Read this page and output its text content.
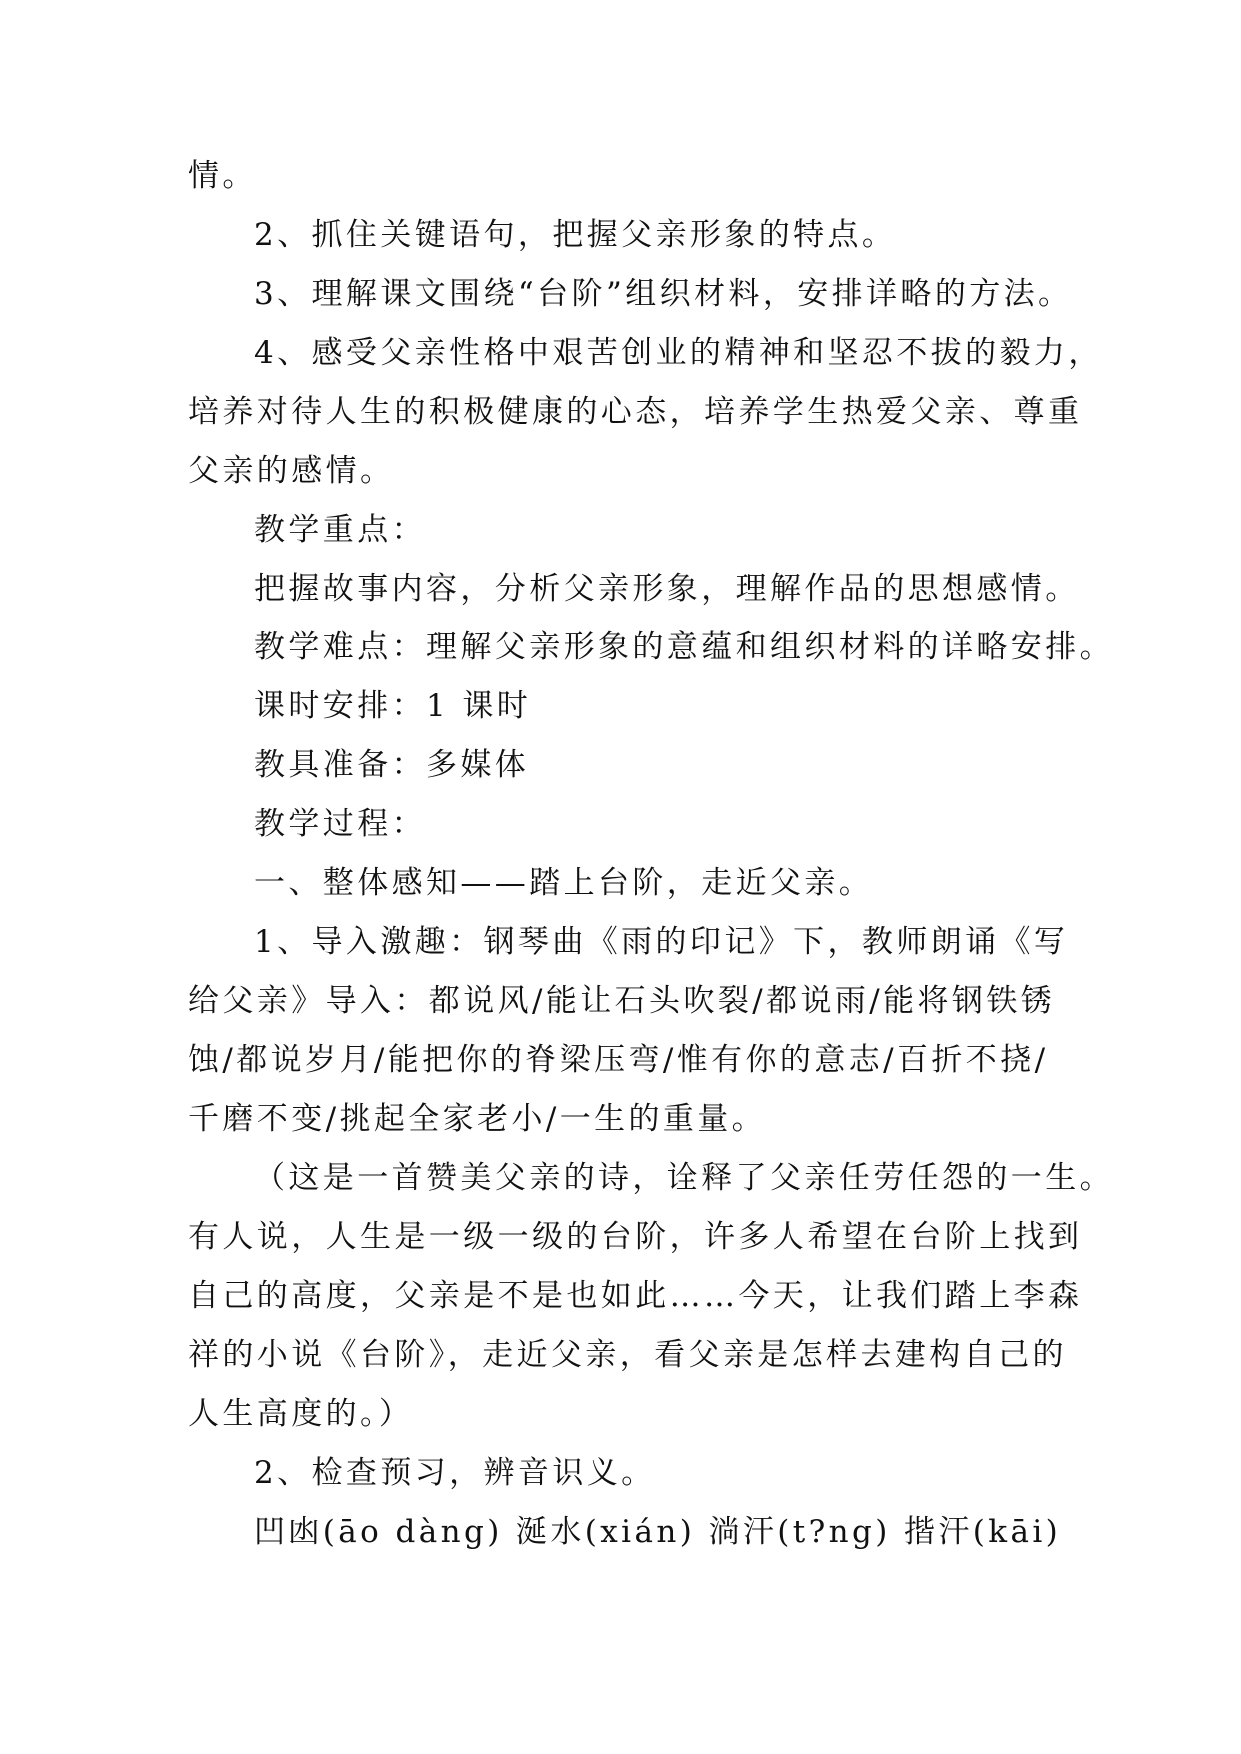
情。
2、抓住关键语句，把握父亲形象的特点。
3、理解课文围绕“台阶”组织材料，安排详略的方法。
4、感受父亲性格中艰苦创业的精神和坚忍不拔的毅力，
培养对待人生的积极健康的心态，培养学生热爱父亲、尊重
父亲的感情。
教学重点：
把握故事内容，分析父亲形象，理解作品的思想感情。
教学难点：理解父亲形象的意蕴和组织材料的详略安排。
课时安排：1 课时
教具准备：多媒体
教学过程：
一、整体感知——踏上台阶，走近父亲。
1、导入激趣：钢琴曲《雨的印记》下，教师朗诵《写
给父亲》导入：都说风/能让石头吹裂/都说雨/能将钢铁锈
蚀/都说岁月/能把你的脊梁压弯/惟有你的意志/百折不挠/
千磨不变/挑起全家老小/一生的重量。
（这是一首赞美父亲的诗，诠释了父亲任劳任怨的一生。
有人说，人生是一级一级的台阶，许多人希望在台阶上找到
自己的高度，父亲是不是也如此……今天，让我们踏上李森
祥的小说《台阶》，走近父亲，看父亲是怎样去建构自己的
人生高度的。）
2、检查预习，辨音识义。
凹凼(āo dàng) 涎水(xián) 淌汗(t?ng) 揩汗(kāi)
